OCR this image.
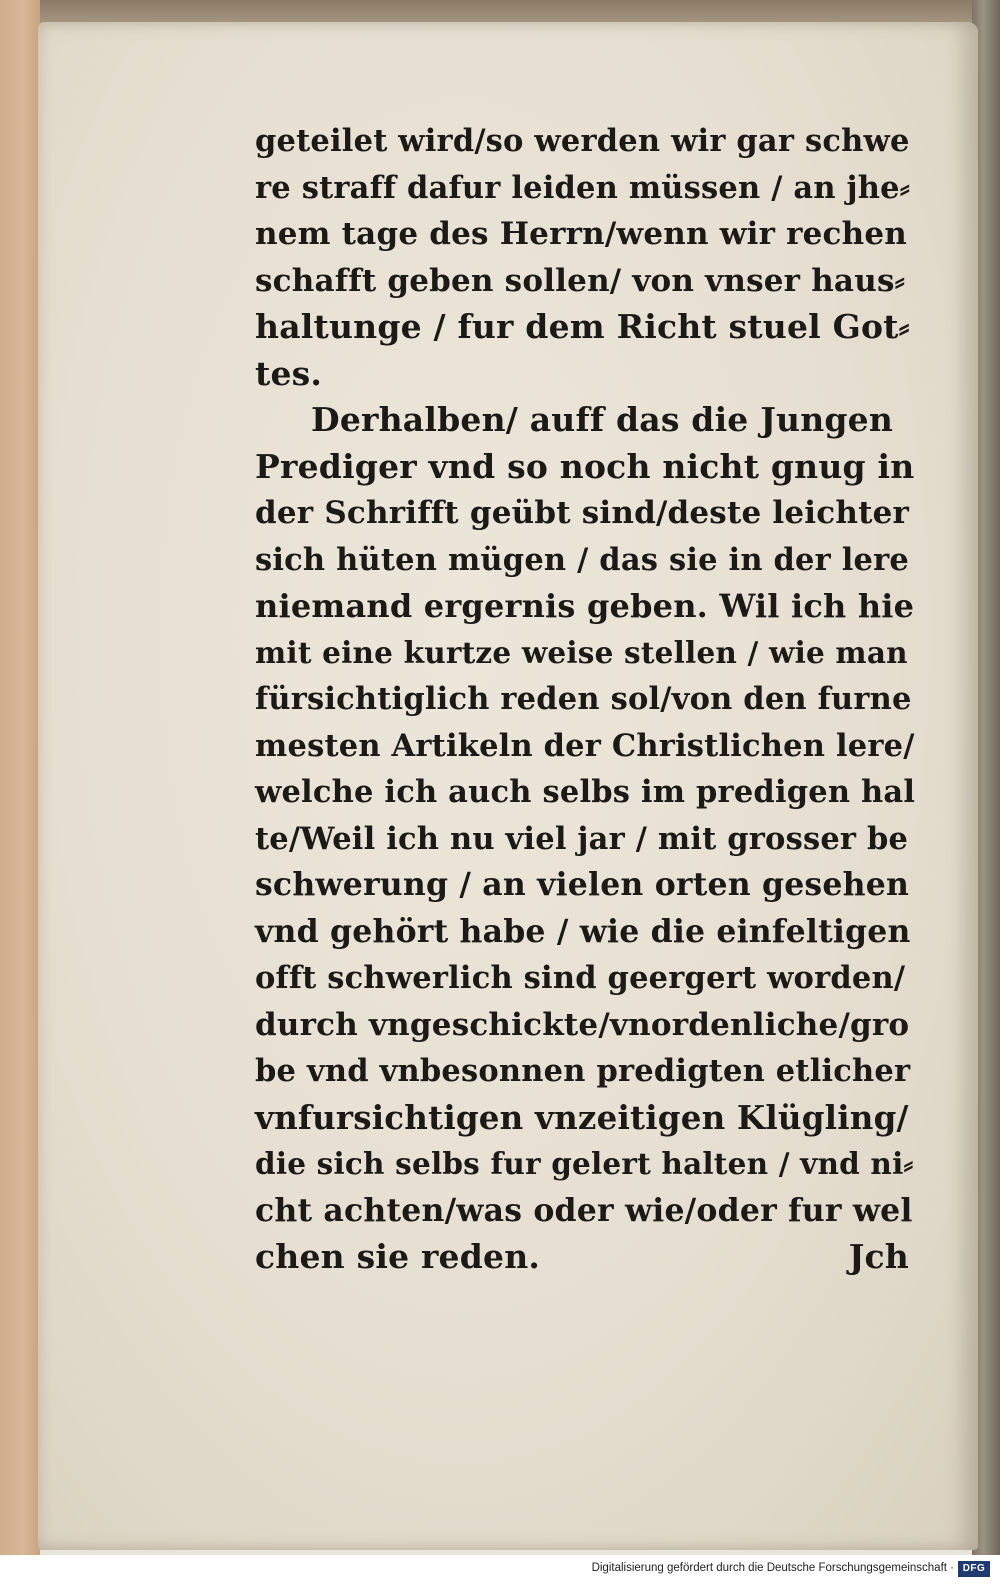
geteilet wird/so werden wir gar schwe
re straff dafur leiden müssen / an jhe⸗
nem tage des Herrn/wenn wir rechen
schafft geben sollen/ von vnser haus⸗
haltunge / fur dem Richt stuel Got⸗
tes.
Derhalben/ auff das die Jungen
Prediger vnd so noch nicht gnug in
der Schrifft geübt sind/deste leichter
sich hüten mügen / das sie in der lere
niemand ergernis geben. Wil ich hie
mit eine kurtze weise stellen / wie man
fürsichtiglich reden sol/von den furne
mesten Artikeln der Christlichen lere/
welche ich auch selbs im predigen hal
te/Weil ich nu viel jar / mit grosser be
schwerung / an vielen orten gesehen
vnd gehört habe / wie die einfeltigen
offt schwerlich sind geergert worden/
durch vngeschickte/vnordenliche/gro
be vnd vnbesonnen predigten etlicher
vnfursichtigen vnzeitigen Klügling/
die sich selbs fur gelert halten / vnd ni⸗
cht achten/was oder wie/oder fur wel
chen sie reden.	Jch
Digitalisierung gefördert durch die Deutsche Forschungsgemeinschaft · DFG
